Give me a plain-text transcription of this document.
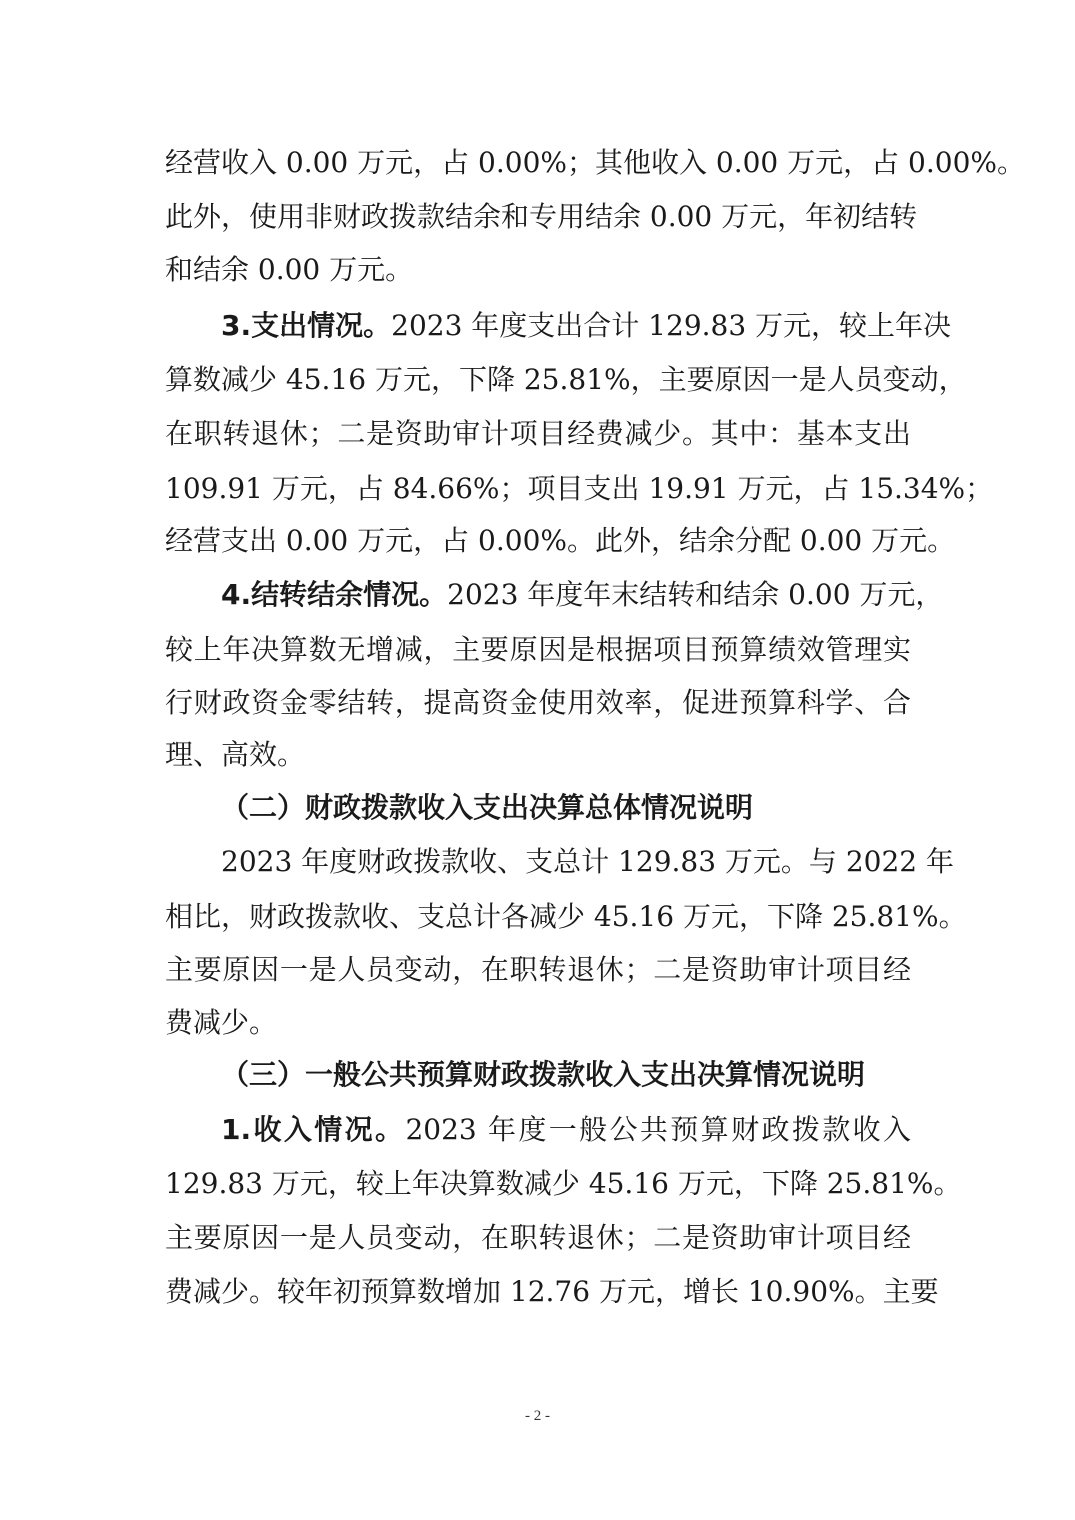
经营收入 0.00 万元，占 0.00%；其他收入 0.00 万元，占 0.00%。
此外，使用非财政拨款结余和专用结余 0.00 万元，年初结转
和结余 0.00 万元。
3.支出情况。2023 年度支出合计 129.83 万元，较上年决
算数减少 45.16 万元，下降 25.81%，主要原因一是人员变动，
在职转退休；二是资助审计项目经费减少。其中：基本支出
109.91 万元，占 84.66%；项目支出 19.91 万元，占 15.34%；
经营支出 0.00 万元，占 0.00%。此外，结余分配 0.00 万元。
4.结转结余情况。2023 年度年末结转和结余 0.00 万元，
较上年决算数无增减，主要原因是根据项目预算绩效管理实
行财政资金零结转，提高资金使用效率，促进预算科学、合
理、高效。
（二）财政拨款收入支出决算总体情况说明
2023 年度财政拨款收、支总计 129.83 万元。与 2022 年
相比，财政拨款收、支总计各减少 45.16 万元，下降 25.81%。
主要原因一是人员变动，在职转退休；二是资助审计项目经
费减少。
（三）一般公共预算财政拨款收入支出决算情况说明
1.收入情况。2023 年度一般公共预算财政拨款收入
129.83 万元，较上年决算数减少 45.16 万元，下降 25.81%。
主要原因一是人员变动，在职转退休；二是资助审计项目经
费减少。较年初预算数增加 12.76 万元，增长 10.90%。主要
- 2 -
